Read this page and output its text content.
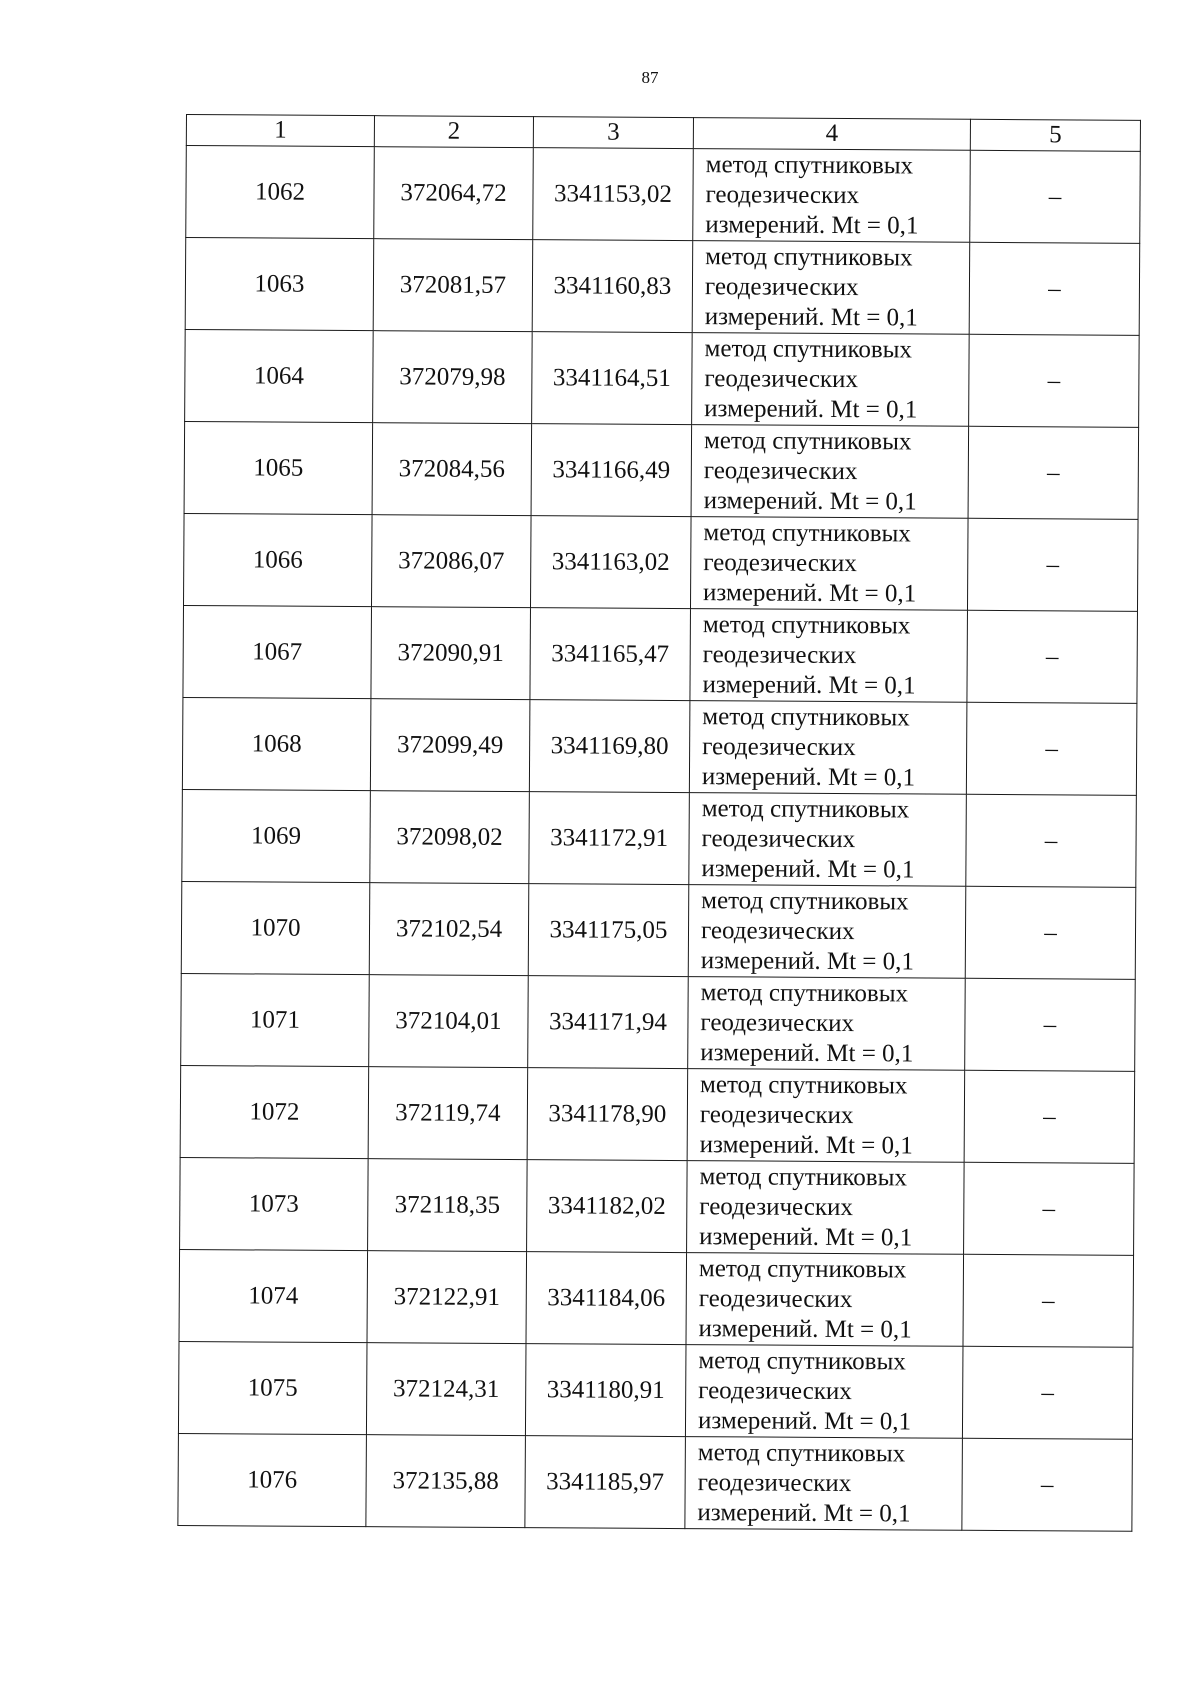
87
1	2	3	4	5
1062	372064,72	3341153,02	метод спутниковых
геодезических
измерений. Mt = 0,1	–
1063	372081,57	3341160,83	метод спутниковых
геодезических
измерений. Mt = 0,1	–
1064	372079,98	3341164,51	метод спутниковых
геодезических
измерений. Mt = 0,1	–
1065	372084,56	3341166,49	метод спутниковых
геодезических
измерений. Mt = 0,1	–
1066	372086,07	3341163,02	метод спутниковых
геодезических
измерений. Mt = 0,1	–
1067	372090,91	3341165,47	метод спутниковых
геодезических
измерений. Mt = 0,1	–
1068	372099,49	3341169,80	метод спутниковых
геодезических
измерений. Mt = 0,1	–
1069	372098,02	3341172,91	метод спутниковых
геодезических
измерений. Mt = 0,1	–
1070	372102,54	3341175,05	метод спутниковых
геодезических
измерений. Mt = 0,1	–
1071	372104,01	3341171,94	метод спутниковых
геодезических
измерений. Mt = 0,1	–
1072	372119,74	3341178,90	метод спутниковых
геодезических
измерений. Mt = 0,1	–
1073	372118,35	3341182,02	метод спутниковых
геодезических
измерений. Mt = 0,1	–
1074	372122,91	3341184,06	метод спутниковых
геодезических
измерений. Mt = 0,1	–
1075	372124,31	3341180,91	метод спутниковых
геодезических
измерений. Mt = 0,1	–
1076	372135,88	3341185,97	метод спутниковых
геодезических
измерений. Mt = 0,1	–
